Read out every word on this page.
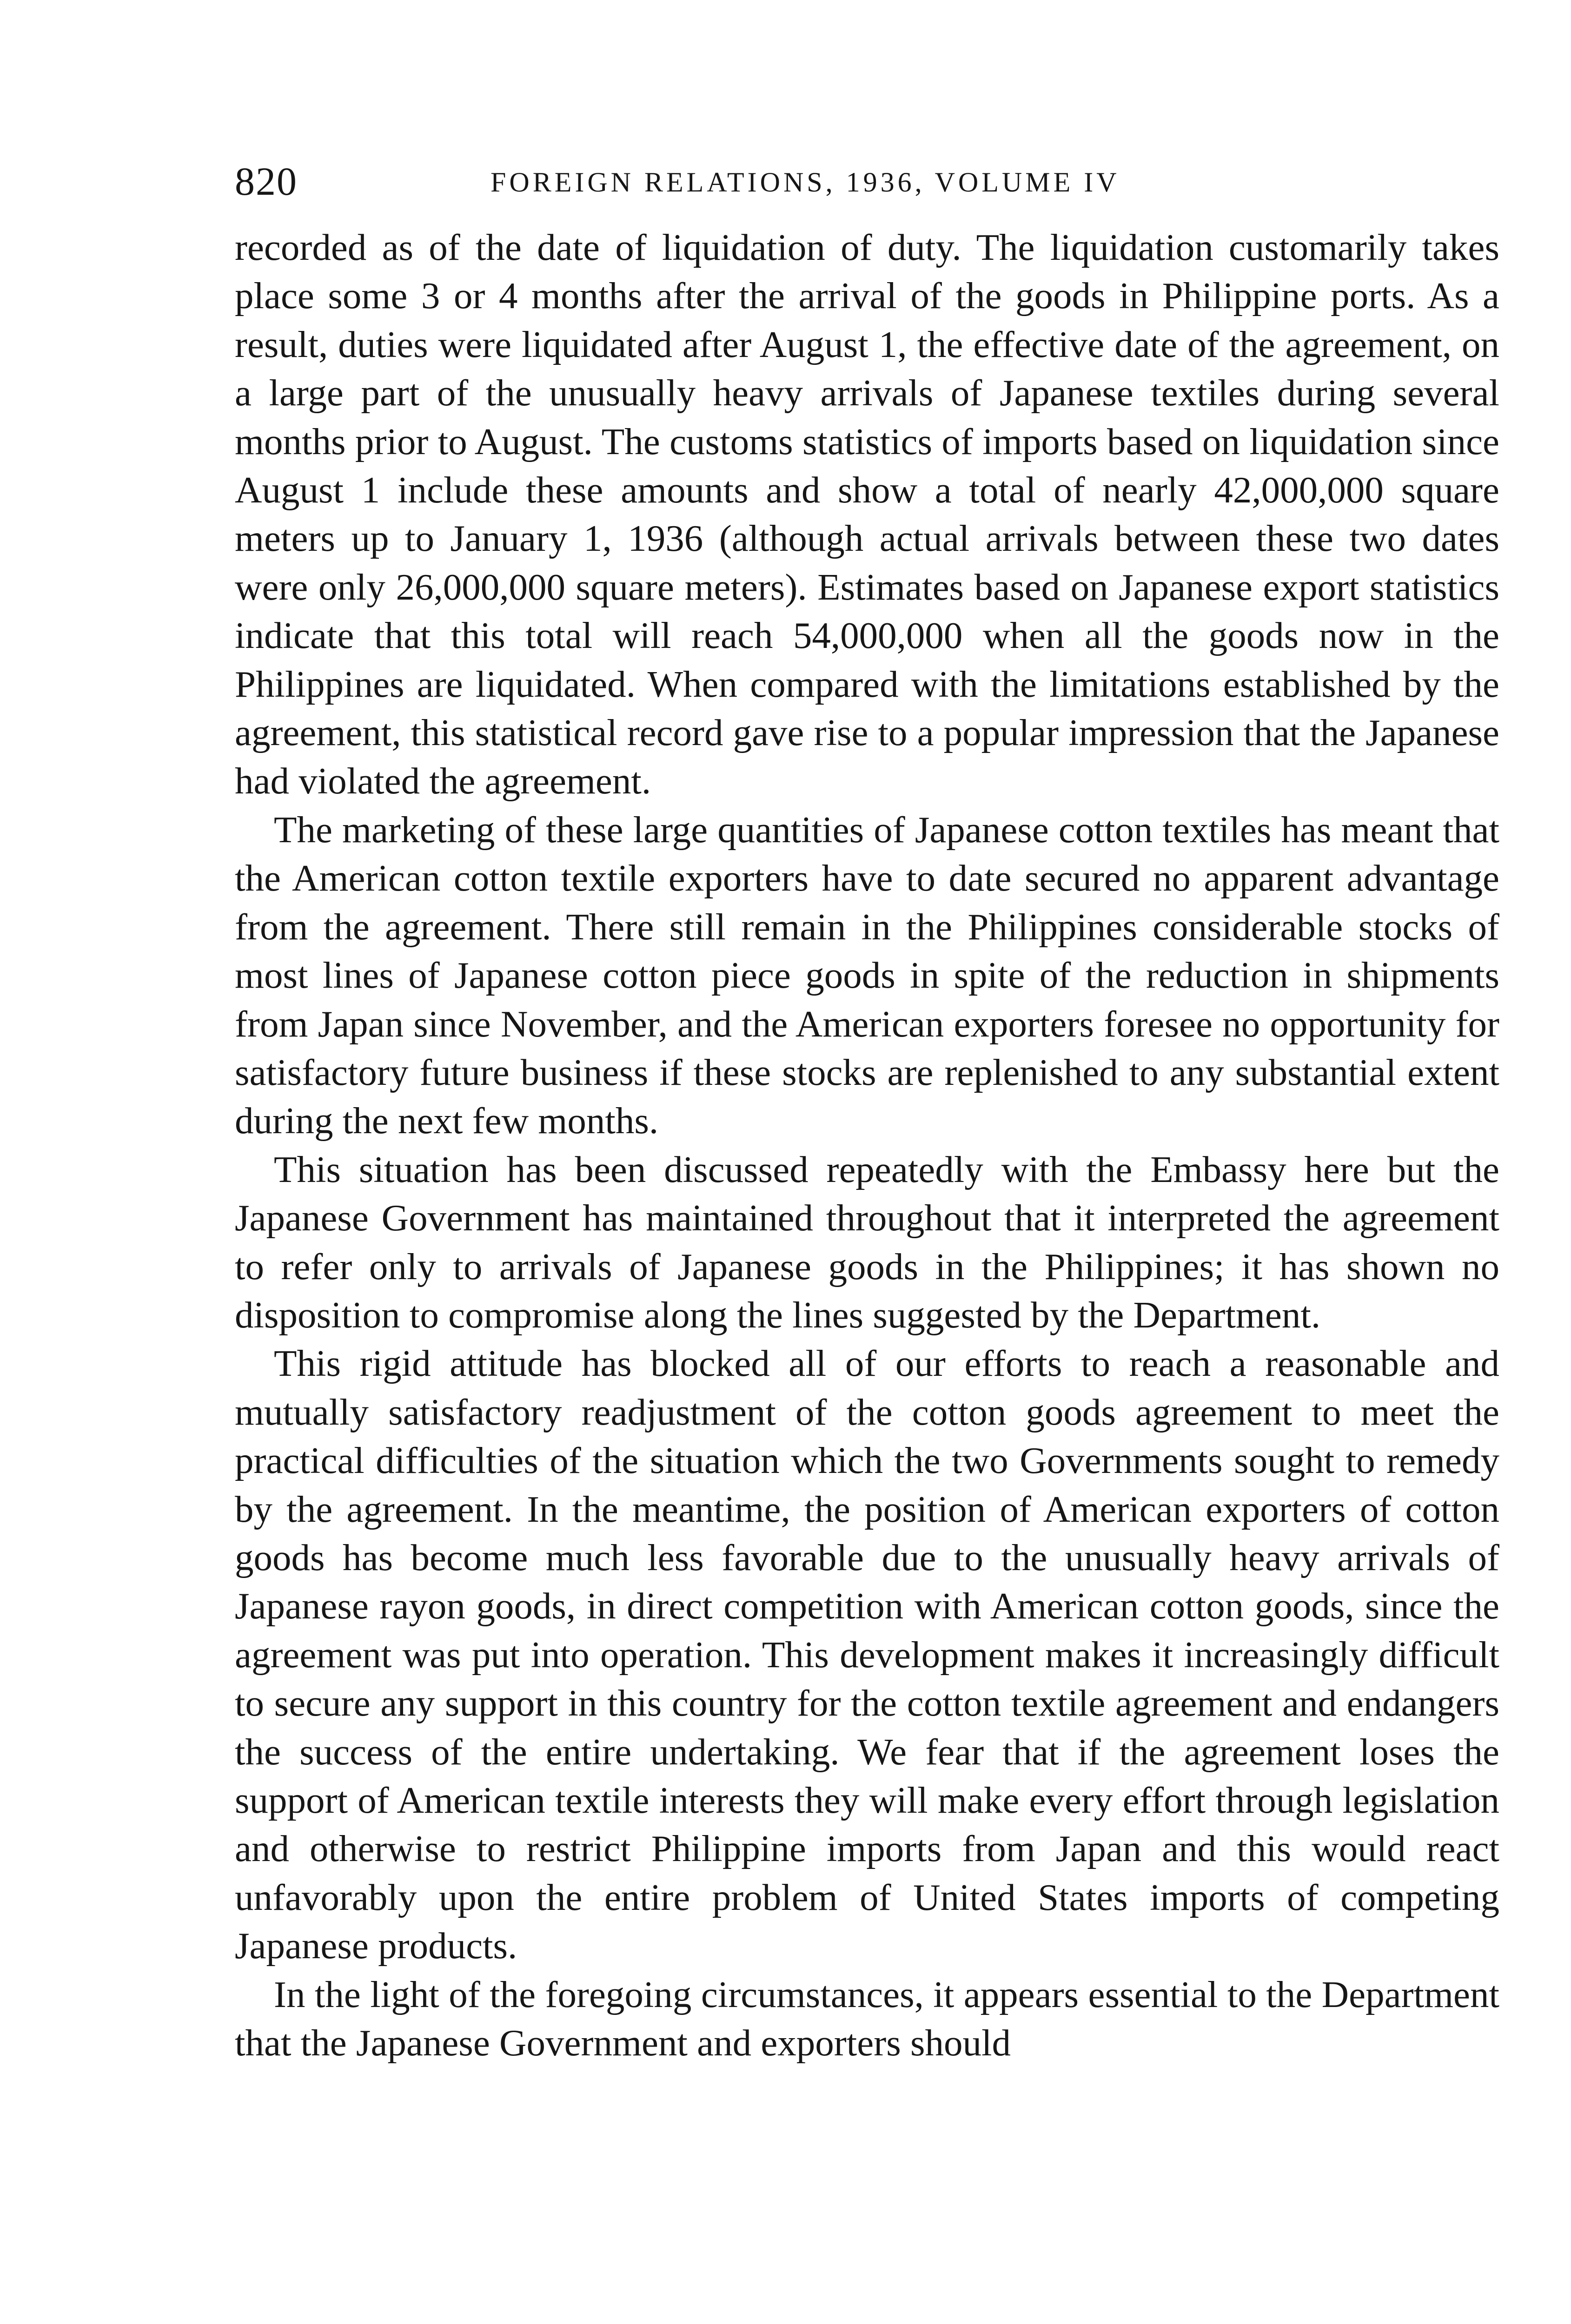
820	FOREIGN RELATIONS, 1936, VOLUME IV

recorded as of the date of liquidation of duty. The liquidation customarily takes place some 3 or 4 months after the arrival of the goods in Philippine ports. As a result, duties were liquidated after August 1, the effective date of the agreement, on a large part of the unusually heavy arrivals of Japanese textiles during several months prior to August. The customs statistics of imports based on liquidation since August 1 include these amounts and show a total of nearly 42,000,000 square meters up to January 1, 1936 (although actual arrivals between these two dates were only 26,000,000 square meters). Estimates based on Japanese export statistics indicate that this total will reach 54,000,000 when all the goods now in the Philippines are liquidated. When compared with the limitations established by the agreement, this statistical record gave rise to a popular impression that the Japanese had violated the agreement.

The marketing of these large quantities of Japanese cotton textiles has meant that the American cotton textile exporters have to date secured no apparent advantage from the agreement. There still remain in the Philippines considerable stocks of most lines of Japanese cotton piece goods in spite of the reduction in shipments from Japan since November, and the American exporters foresee no opportunity for satisfactory future business if these stocks are replenished to any substantial extent during the next few months.

This situation has been discussed repeatedly with the Embassy here but the Japanese Government has maintained throughout that it interpreted the agreement to refer only to arrivals of Japanese goods in the Philippines; it has shown no disposition to compromise along the lines suggested by the Department.

This rigid attitude has blocked all of our efforts to reach a reasonable and mutually satisfactory readjustment of the cotton goods agreement to meet the practical difficulties of the situation which the two Governments sought to remedy by the agreement. In the meantime, the position of American exporters of cotton goods has become much less favorable due to the unusually heavy arrivals of Japanese rayon goods, in direct competition with American cotton goods, since the agreement was put into operation. This development makes it increasingly difficult to secure any support in this country for the cotton textile agreement and endangers the success of the entire undertaking. We fear that if the agreement loses the support of American textile interests they will make every effort through legislation and otherwise to restrict Philippine imports from Japan and this would react unfavorably upon the entire problem of United States imports of competing Japanese products.

In the light of the foregoing circumstances, it appears essential to the Department that the Japanese Government and exporters should
